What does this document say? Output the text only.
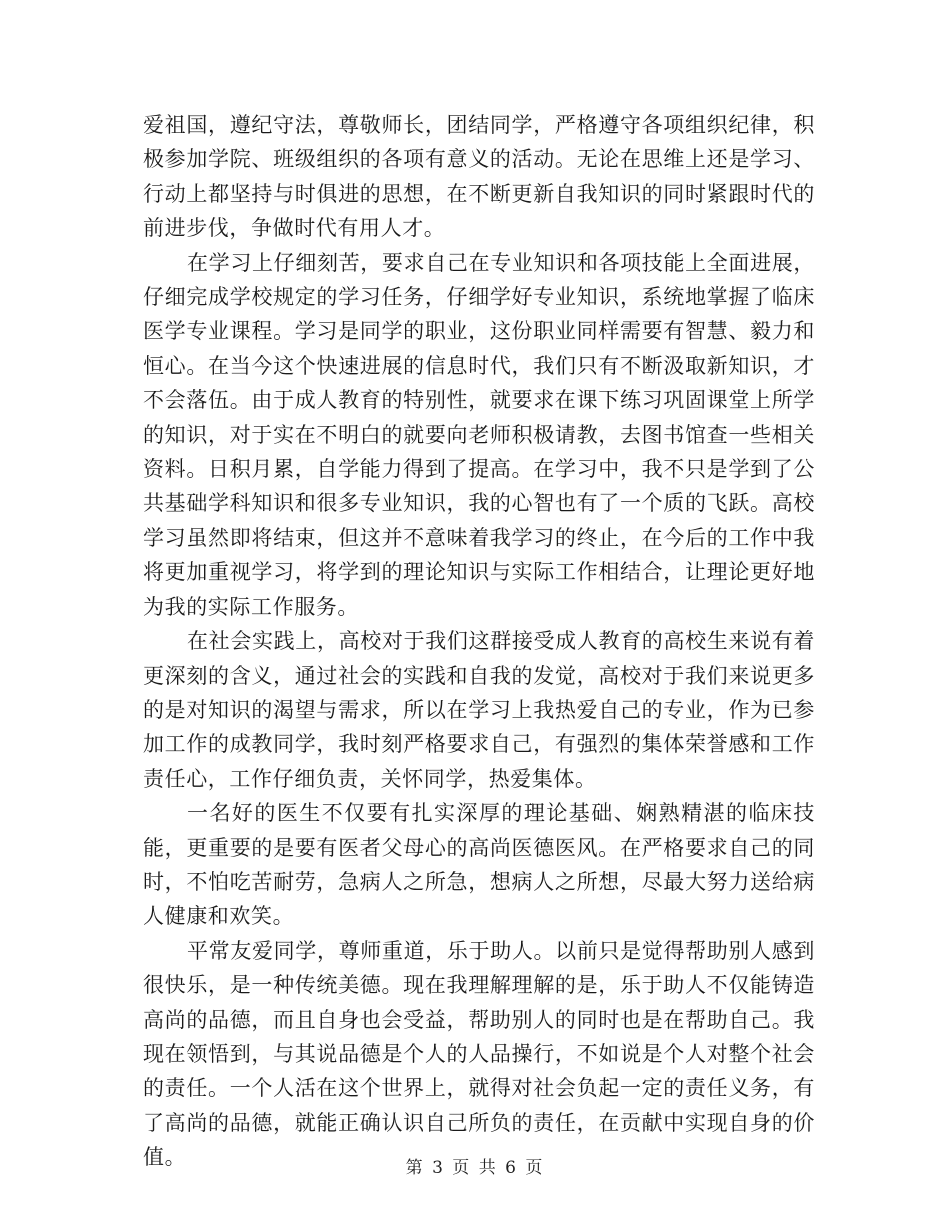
爱祖国，遵纪守法，尊敬师长，团结同学，严格遵守各项组织纪律，积极参加学院、班级组织的各项有意义的活动。无论在思维上还是学习、行动上都坚持与时俱进的思想，在不断更新自我知识的同时紧跟时代的前进步伐，争做时代有用人才。

在学习上仔细刻苦，要求自己在专业知识和各项技能上全面进展，仔细完成学校规定的学习任务，仔细学好专业知识，系统地掌握了临床医学专业课程。学习是同学的职业，这份职业同样需要有智慧、毅力和恒心。在当今这个快速进展的信息时代，我们只有不断汲取新知识，才不会落伍。由于成人教育的特别性，就要求在课下练习巩固课堂上所学的知识，对于实在不明白的就要向老师积极请教，去图书馆查一些相关资料。日积月累，自学能力得到了提高。在学习中，我不只是学到了公共基础学科知识和很多专业知识，我的心智也有了一个质的飞跃。高校学习虽然即将结束，但这并不意味着我学习的终止，在今后的工作中我将更加重视学习，将学到的理论知识与实际工作相结合，让理论更好地为我的实际工作服务。

在社会实践上，高校对于我们这群接受成人教育的高校生来说有着更深刻的含义，通过社会的实践和自我的发觉，高校对于我们来说更多的是对知识的渴望与需求，所以在学习上我热爱自己的专业，作为已参加工作的成教同学，我时刻严格要求自己，有强烈的集体荣誉感和工作责任心，工作仔细负责，关怀同学，热爱集体。

一名好的医生不仅要有扎实深厚的理论基础、娴熟精湛的临床技能，更重要的是要有医者父母心的高尚医德医风。在严格要求自己的同时，不怕吃苦耐劳，急病人之所急，想病人之所想，尽最大努力送给病人健康和欢笑。

平常友爱同学，尊师重道，乐于助人。以前只是觉得帮助别人感到很快乐，是一种传统美德。现在我理解理解的是，乐于助人不仅能铸造高尚的品德，而且自身也会受益，帮助别人的同时也是在帮助自己。我现在领悟到，与其说品德是个人的人品操行，不如说是个人对整个社会的责任。一个人活在这个世界上，就得对社会负起一定的责任义务，有了高尚的品德，就能正确认识自己所负的责任，在贡献中实现自身的价值。	第 3 页 共 6 页
